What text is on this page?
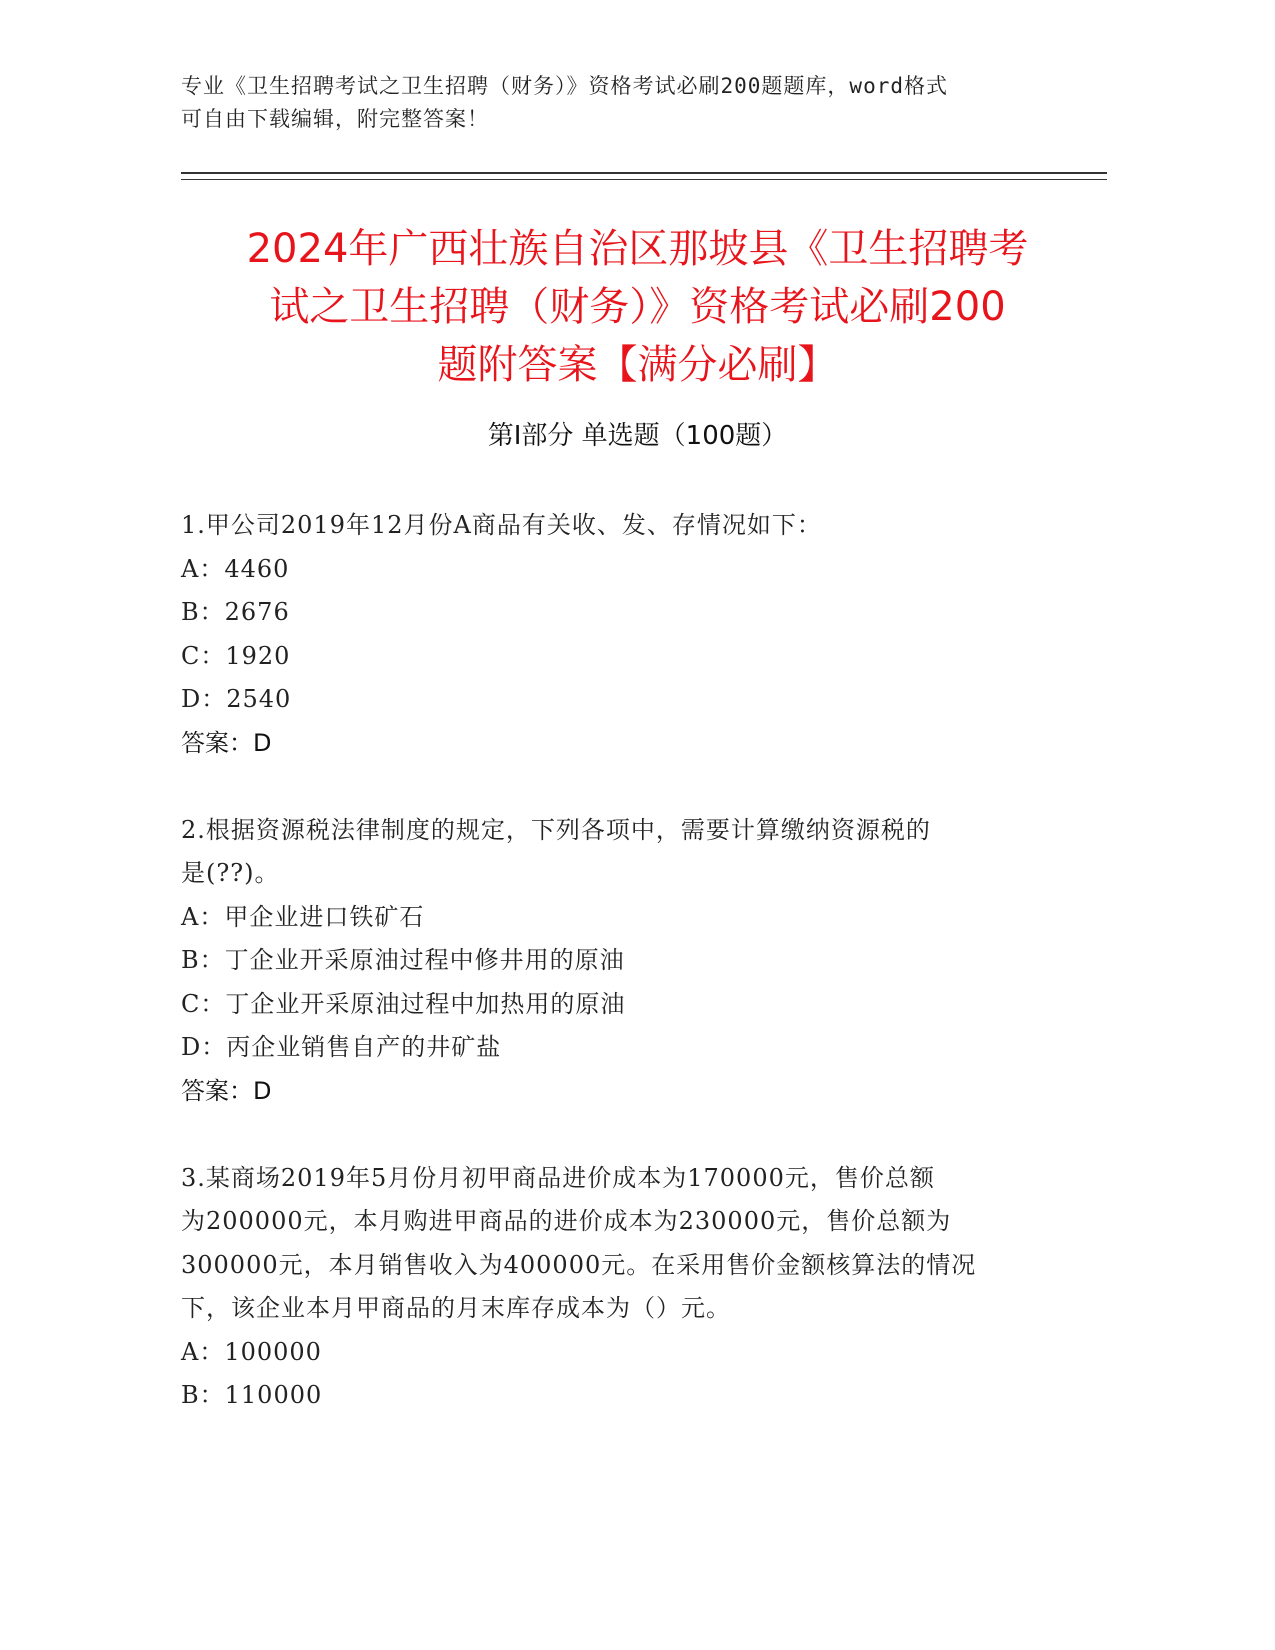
专业《卫生招聘考试之卫生招聘（财务）》资格考试必刷200题题库，word格式
可自由下载编辑，附完整答案！
2024年广西壮族自治区那坡县《卫生招聘考
试之卫生招聘（财务）》资格考试必刷200
题附答案【满分必刷】
第Ⅰ部分 单选题（100题）
1.甲公司2019年12月份A商品有关收、发、存情况如下：
A：4460
B：2676
C：1920
D：2540
答案：D
2.根据资源税法律制度的规定，下列各项中，需要计算缴纳资源税的
是(??)。
A：甲企业进口铁矿石
B：丁企业开采原油过程中修井用的原油
C：丁企业开采原油过程中加热用的原油
D：丙企业销售自产的井矿盐
答案：D
3.某商场2019年5月份月初甲商品进价成本为170000元，售价总额
为200000元，本月购进甲商品的进价成本为230000元，售价总额为
300000元，本月销售收入为400000元。在采用售价金额核算法的情况
下，该企业本月甲商品的月末库存成本为（）元。
A：100000
B：110000
